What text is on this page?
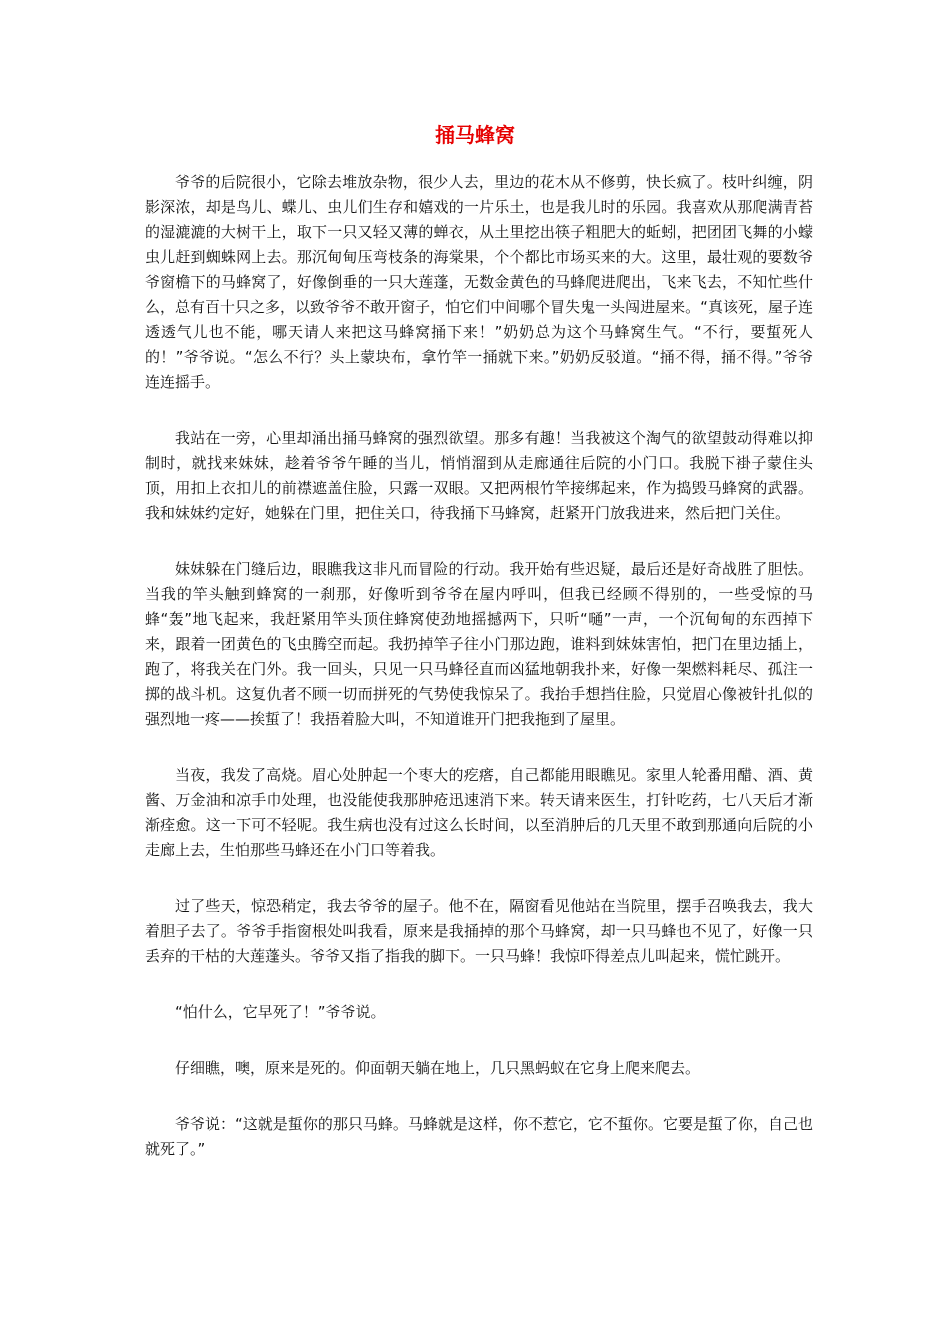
捅马蜂窝

爷爷的后院很小，它除去堆放杂物，很少人去，里边的花木从不修剪，快长疯了。枝叶纠缠，阴影深浓，却是鸟儿、蝶儿、虫儿们生存和嬉戏的一片乐土，也是我儿时的乐园。我喜欢从那爬满青苔的湿漉漉的大树干上，取下一只又轻又薄的蝉衣，从土里挖出筷子粗肥大的蚯蚓，把团团飞舞的小蠓虫儿赶到蜘蛛网上去。那沉甸甸压弯枝条的海棠果，个个都比市场买来的大。这里，最壮观的要数爷爷窗檐下的马蜂窝了，好像倒垂的一只大莲蓬，无数金黄色的马蜂爬进爬出，飞来飞去，不知忙些什么，总有百十只之多，以致爷爷不敢开窗子，怕它们中间哪个冒失鬼一头闯进屋来。“真该死，屋子连透透气儿也不能，哪天请人来把这马蜂窝捅下来！”奶奶总为这个马蜂窝生气。“不行，要蜇死人的！”爷爷说。“怎么不行？头上蒙块布，拿竹竿一捅就下来。”奶奶反驳道。“捅不得，捅不得。”爷爷连连摇手。

我站在一旁，心里却涌出捅马蜂窝的强烈欲望。那多有趣！当我被这个淘气的欲望鼓动得难以抑制时，就找来妹妹，趁着爷爷午睡的当儿，悄悄溜到从走廊通往后院的小门口。我脱下褂子蒙住头顶，用扣上衣扣儿的前襟遮盖住脸，只露一双眼。又把两根竹竿接绑起来，作为捣毁马蜂窝的武器。我和妹妹约定好，她躲在门里，把住关口，待我捅下马蜂窝，赶紧开门放我进来，然后把门关住。

妹妹躲在门缝后边，眼瞧我这非凡而冒险的行动。我开始有些迟疑，最后还是好奇战胜了胆怯。当我的竿头触到蜂窝的一刹那，好像听到爷爷在屋内呼叫，但我已经顾不得别的，一些受惊的马蜂“轰”地飞起来，我赶紧用竿头顶住蜂窝使劲地摇撼两下，只听“嗵”一声，一个沉甸甸的东西掉下来，跟着一团黄色的飞虫腾空而起。我扔掉竿子往小门那边跑，谁料到妹妹害怕，把门在里边插上，跑了，将我关在门外。我一回头，只见一只马蜂径直而凶猛地朝我扑来，好像一架燃料耗尽、孤注一掷的战斗机。这复仇者不顾一切而拼死的气势使我惊呆了。我抬手想挡住脸，只觉眉心像被针扎似的强烈地一疼——挨蜇了！我捂着脸大叫，不知道谁开门把我拖到了屋里。

当夜，我发了高烧。眉心处肿起一个枣大的疙瘩，自己都能用眼瞧见。家里人轮番用醋、酒、黄酱、万金油和凉手巾处理，也没能使我那肿疮迅速消下来。转天请来医生，打针吃药，七八天后才渐渐痊愈。这一下可不轻呢。我生病也没有过这么长时间，以至消肿后的几天里不敢到那通向后院的小走廊上去，生怕那些马蜂还在小门口等着我。

过了些天，惊恐稍定，我去爷爷的屋子。他不在，隔窗看见他站在当院里，摆手召唤我去，我大着胆子去了。爷爷手指窗根处叫我看，原来是我捅掉的那个马蜂窝，却一只马蜂也不见了，好像一只丢弃的干枯的大莲蓬头。爷爷又指了指我的脚下。一只马蜂！我惊吓得差点儿叫起来，慌忙跳开。

“怕什么，它早死了！”爷爷说。

仔细瞧，噢，原来是死的。仰面朝天躺在地上，几只黑蚂蚁在它身上爬来爬去。

爷爷说：“这就是蜇你的那只马蜂。马蜂就是这样，你不惹它，它不蜇你。它要是蜇了你，自己也就死了。”
